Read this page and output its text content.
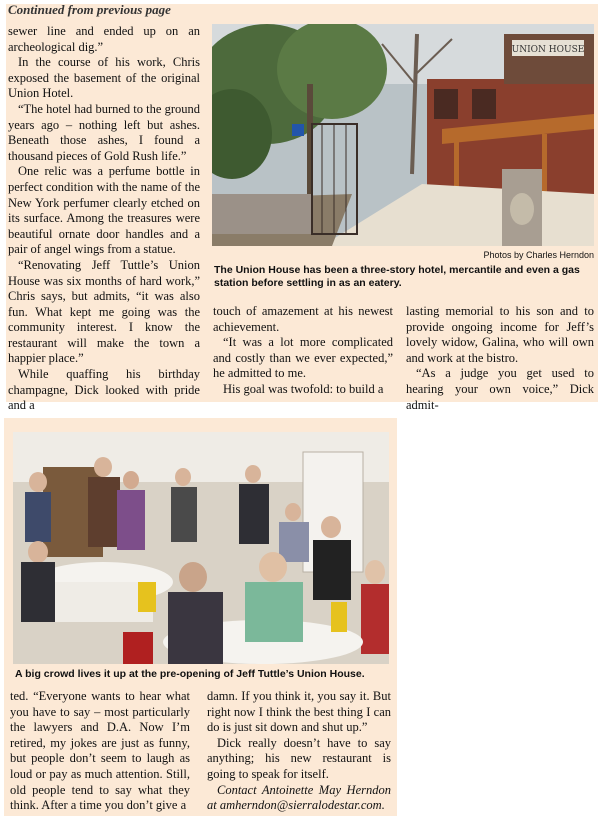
Continued from previous page

sewer line and ended up on an archeological dig.”

In the course of his work, Chris exposed the basement of the original Union Hotel.

“The hotel had burned to the ground years ago – nothing left but ashes. Beneath those ashes, I found a thousand pieces of Gold Rush life.”

One relic was a perfume bottle in perfect condition with the name of the New York perfumer clearly etched on its surface. Among the treasures were beautiful ornate door handles and a pair of angel wings from a statue.

“Renovating Jeff Tuttle’s Union House was six months of hard work,” Chris says, but admits, “it was also fun. What kept me going was the community interest. I know the restaurant will make the town a happier place.”

While quaffing his birthday champagne, Dick looked with pride and a

UNION HOUSE
Photos by Charles Herndon
The Union House has been a three-story hotel, mercantile and even a gas station before settling in as an eatery.

touch of amazement at his newest achievement.

“It was a lot more complicated and costly than we ever expected,” he admitted to me.

His goal was twofold: to build a

lasting memorial to his son and to provide ongoing income for Jeff’s lovely widow, Galina, who will own and work at the bistro.

“As a judge you get used to hearing your own voice,” Dick admit-

A big crowd lives it up at the pre-opening of Jeff Tuttle’s Union House.

ted. “Everyone wants to hear what you have to say – most particularly the lawyers and D.A. Now I’m retired, my jokes are just as funny, but people don’t seem to laugh as loud or pay as much attention. Still, old people tend to say what they think. After a time you don’t give a

damn. If you think it, you say it. But right now I think the best thing I can do is just sit down and shut up.”

Dick really doesn’t have to say anything; his new restaurant is going to speak for itself.

Contact Antoinette May Herndon at amherndon@sierralodestar.com.
